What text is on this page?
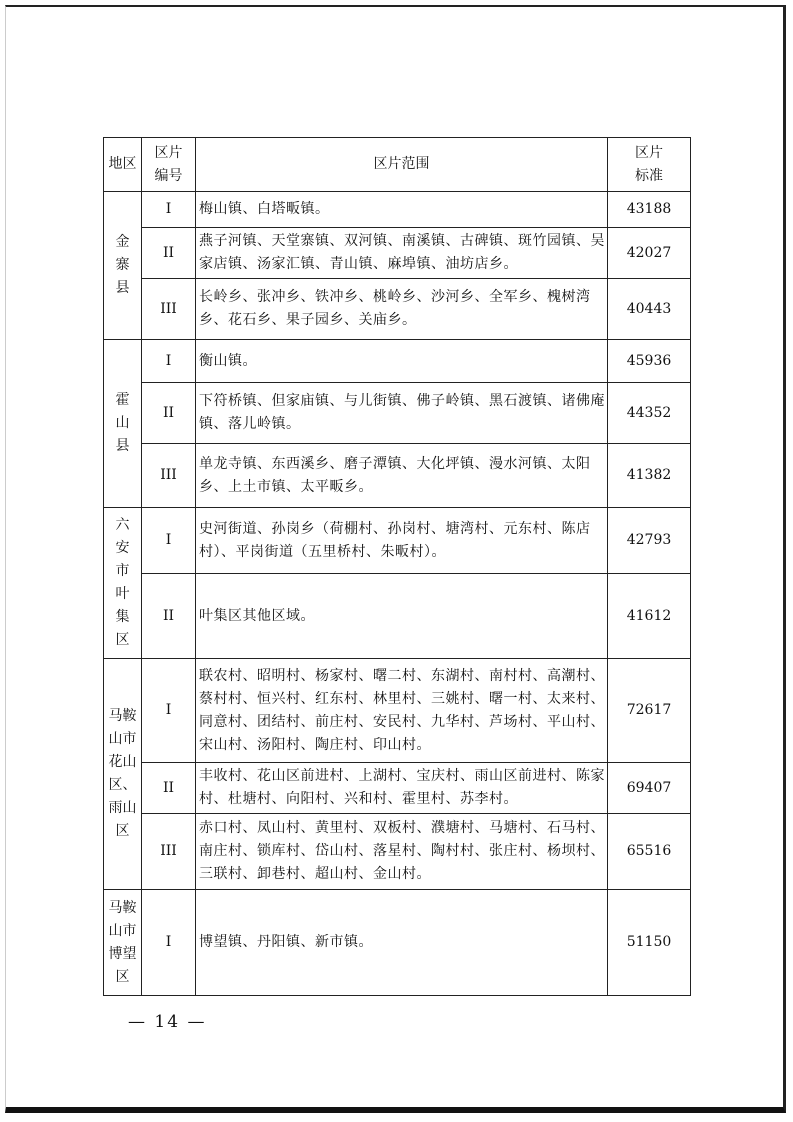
地区	区片编号	区片范围	区片标准
金寨县	I	梅山镇、白塔畈镇。	43188
	II	燕子河镇、天堂寨镇、双河镇、南溪镇、古碑镇、斑竹园镇、吴家店镇、汤家汇镇、青山镇、麻埠镇、油坊店乡。	42027
	III	长岭乡、张冲乡、铁冲乡、桃岭乡、沙河乡、全军乡、槐树湾乡、花石乡、果子园乡、关庙乡。	40443
霍山县	I	衡山镇。	45936
	II	下符桥镇、但家庙镇、与儿街镇、佛子岭镇、黑石渡镇、诸佛庵镇、落儿岭镇。	44352
	III	单龙寺镇、东西溪乡、磨子潭镇、大化坪镇、漫水河镇、太阳乡、上土市镇、太平畈乡。	41382
六安市叶集区	I	史河街道、孙岗乡（荷棚村、孙岗村、塘湾村、元东村、陈店村）、平岗街道（五里桥村、朱畈村）。	42793
	II	叶集区其他区域。	41612
马鞍山市花山区、雨山区	I	联农村、昭明村、杨家村、曙二村、东湖村、南村村、高潮村、蔡村村、恒兴村、红东村、林里村、三姚村、曙一村、太来村、同意村、团结村、前庄村、安民村、九华村、芦场村、平山村、宋山村、汤阳村、陶庄村、印山村。	72617
	II	丰收村、花山区前进村、上湖村、宝庆村、雨山区前进村、陈家村、杜塘村、向阳村、兴和村、霍里村、苏李村。	69407
	III	赤口村、凤山村、黄里村、双板村、濮塘村、马塘村、石马村、南庄村、锁库村、岱山村、落星村、陶村村、张庄村、杨坝村、三联村、卸巷村、超山村、金山村。	65516
马鞍山市博望区	I	博望镇、丹阳镇、新市镇。	51150
— 14 —
